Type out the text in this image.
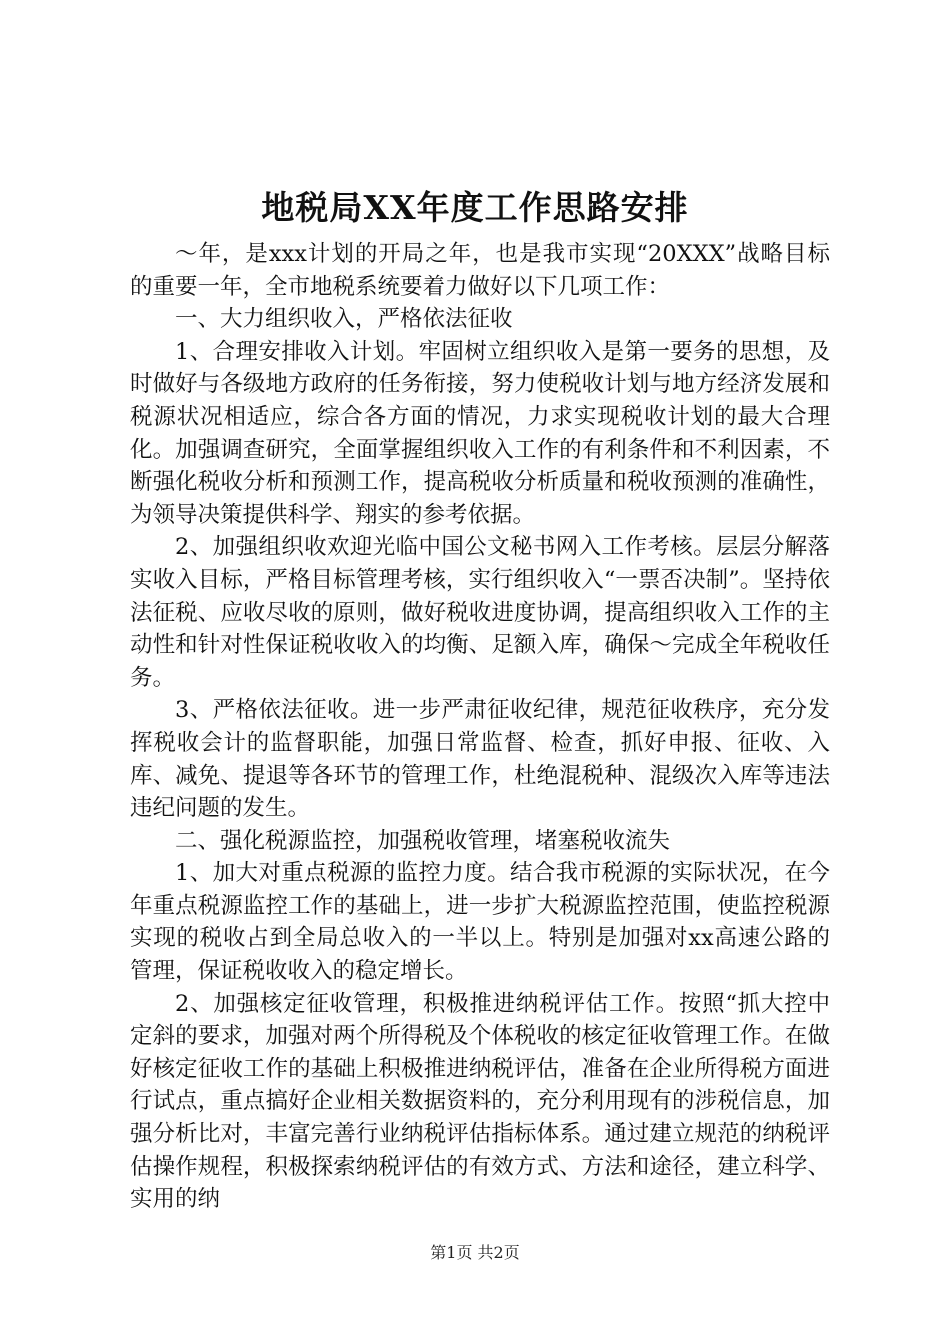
地税局XX年度工作思路安排

～年，是xxx计划的开局之年，也是我市实现“20XXX”战略目标的重要一年，全市地税系统要着力做好以下几项工作：

一、大力组织收入，严格依法征收

1、合理安排收入计划。牢固树立组织收入是第一要务的思想，及时做好与各级地方政府的任务衔接，努力使税收计划与地方经济发展和税源状况相适应，综合各方面的情况，力求实现税收计划的最大合理化。加强调查研究，全面掌握组织收入工作的有利条件和不利因素，不断强化税收分析和预测工作，提高税收分析质量和税收预测的准确性，为领导决策提供科学、翔实的参考依据。

2、加强组织收欢迎光临中国公文秘书网入工作考核。层层分解落实收入目标，严格目标管理考核，实行组织收入“一票否决制”。坚持依法征税、应收尽收的原则，做好税收进度协调，提高组织收入工作的主动性和针对性保证税收收入的均衡、足额入库，确保～完成全年税收任务。

3、严格依法征收。进一步严肃征收纪律，规范征收秩序，充分发挥税收会计的监督职能，加强日常监督、检查，抓好申报、征收、入库、减免、提退等各环节的管理工作，杜绝混税种、混级次入库等违法违纪问题的发生。

二、强化税源监控，加强税收管理，堵塞税收流失

1、加大对重点税源的监控力度。结合我市税源的实际状况，在今年重点税源监控工作的基础上，进一步扩大税源监控范围，使监控税源实现的税收占到全局总收入的一半以上。特别是加强对xx高速公路的管理，保证税收收入的稳定增长。

2、加强核定征收管理，积极推进纳税评估工作。按照“抓大控中定斜的要求，加强对两个所得税及个体税收的核定征收管理工作。在做好核定征收工作的基础上积极推进纳税评估，准备在企业所得税方面进行试点，重点搞好企业相关数据资料的，充分利用现有的涉税信息，加强分析比对，丰富完善行业纳税评估指标体系。通过建立规范的纳税评估操作规程，积极探索纳税评估的有效方式、方法和途径，建立科学、实用的纳

第1页 共2页
